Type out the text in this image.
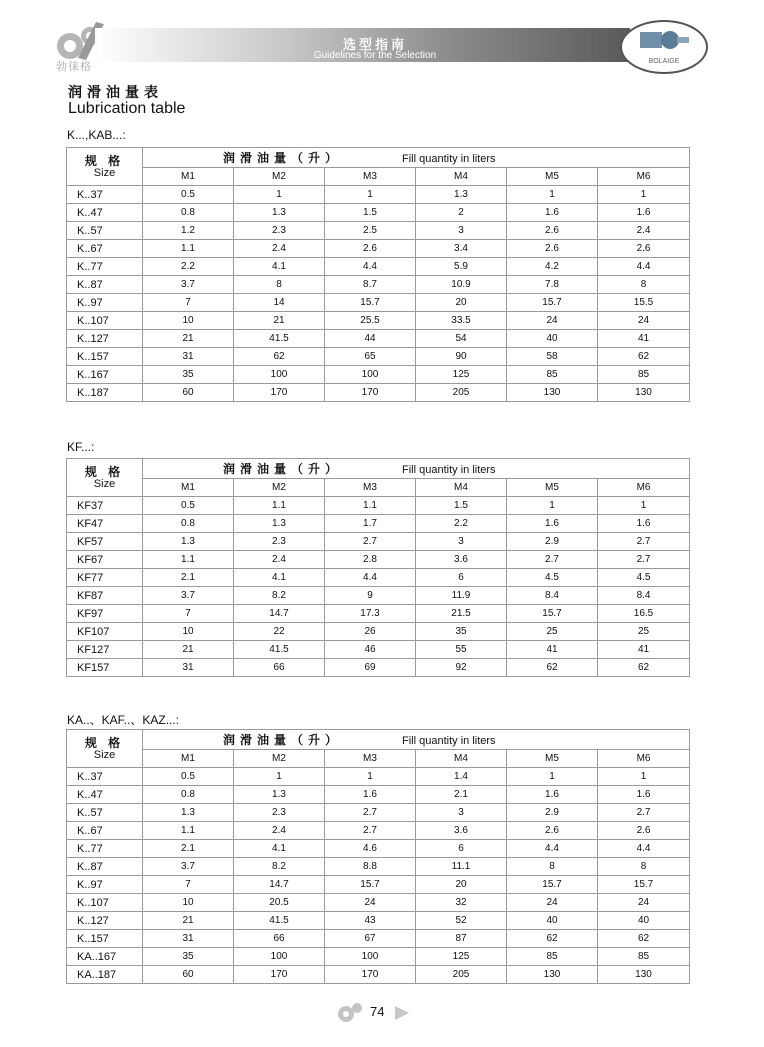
勃徕格
选型指南
Guidelines for the Selection
BOLAIGE
润滑油量表
Lubrication table
K...,KAB...:
规 格
Size	润滑油量（升） Fill quantity in liters					
	M1	M2	M3	M4	M5	M6
K..37	0.5	1	1	1.3	1	1
K..47	0.8	1.3	1.5	2	1.6	1.6
K..57	1.2	2.3	2.5	3	2.6	2.4
K..67	1.1	2.4	2.6	3.4	2.6	2.6
K..77	2.2	4.1	4.4	5.9	4.2	4.4
K..87	3.7	8	8.7	10.9	7.8	8
K..97	7	14	15.7	20	15.7	15.5
K..107	10	21	25.5	33.5	24	24
K..127	21	41.5	44	54	40	41
K..157	31	62	65	90	58	62
K..167	35	100	100	125	85	85
K..187	60	170	170	205	130	130
KF...:
规 格
Size	润滑油量（升） Fill quantity in liters					
	M1	M2	M3	M4	M5	M6
KF37	0.5	1.1	1.1	1.5	1	1
KF47	0.8	1.3	1.7	2.2	1.6	1.6
KF57	1.3	2.3	2.7	3	2.9	2.7
KF67	1.1	2.4	2.8	3.6	2.7	2.7
KF77	2.1	4.1	4.4	6	4.5	4.5
KF87	3.7	8.2	9	11.9	8.4	8.4
KF97	7	14.7	17.3	21.5	15.7	16.5
KF107	10	22	26	35	25	25
KF127	21	41.5	46	55	41	41
KF157	31	66	69	92	62	62
KA..、KAF..、KAZ...:
规 格
Size	润滑油量（升） Fill quantity in liters					
	M1	M2	M3	M4	M5	M6
K..37	0.5	1	1	1.4	1	1
K..47	0.8	1.3	1.6	2.1	1.6	1.6
K..57	1.3	2.3	2.7	3	2.9	2.7
K..67	1.1	2.4	2.7	3.6	2.6	2.6
K..77	2.1	4.1	4.6	6	4.4	4.4
K..87	3.7	8.2	8.8	11.1	8	8
K..97	7	14.7	15.7	20	15.7	15.7
K..107	10	20.5	24	32	24	24
K..127	21	41.5	43	52	40	40
K..157	31	66	67	87	62	62
KA..167	35	100	100	125	85	85
KA..187	60	170	170	205	130	130
74
